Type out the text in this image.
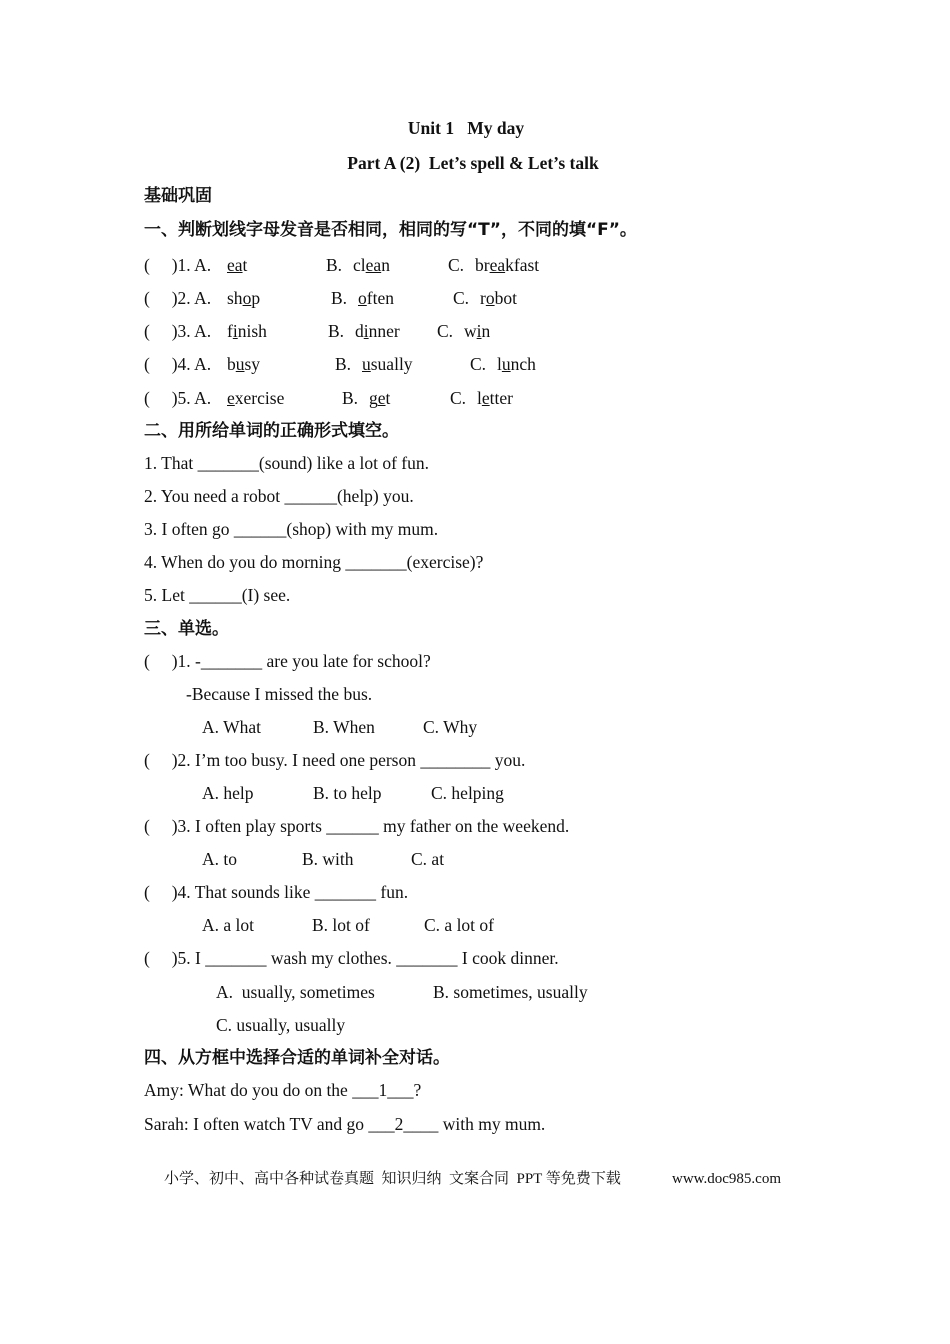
Unit 1   My day
Part A (2)  Let’s spell & Let’s talk
基础巩固
一、判断划线字母发音是否相同，相同的写“T”，不同的填“F”。
(     )1. A. eat	B. clean	C. breakfast
(     )2. A. shop	B. often	C. robot
(     )3. A. finish	B. dinner C. win
(     )4. A. busy	B. usually	C. lunch
(     )5. A. exercise	B. get	C. letter
二、用所给单词的正确形式填空。
1. That _______(sound) like a lot of fun.
2. You need a robot ______(help) you.
3. I often go ______(shop) with my mum.
4. When do you do morning _______(exercise)?
5. Let ______(I) see.
三、单选。
(     )1. -_______ are you late for school?
-Because I missed the bus.
A. What	B. When	C. Why
(     )2. I’m too busy. I need one person ________ you.
A. help	B. to help	C. helping
(     )3. I often play sports ______ my father on the weekend.
A. to	B. with	C. at
(     )4. That sounds like _______ fun.
A. a lot	B. lot of	C. a lot of
(     )5. I _______ wash my clothes. _______ I cook dinner.
A.  usually, sometimes	B. sometimes, usually
C. usually, usually
四、从方框中选择合适的单词补全对话。
Amy: What do you do on the ___1___?
Sarah: I often watch TV and go ___2____ with my mum.
小学、初中、高中各种试卷真题  知识归纳  文案合同  PPT 等免费下载	www.doc985.com
